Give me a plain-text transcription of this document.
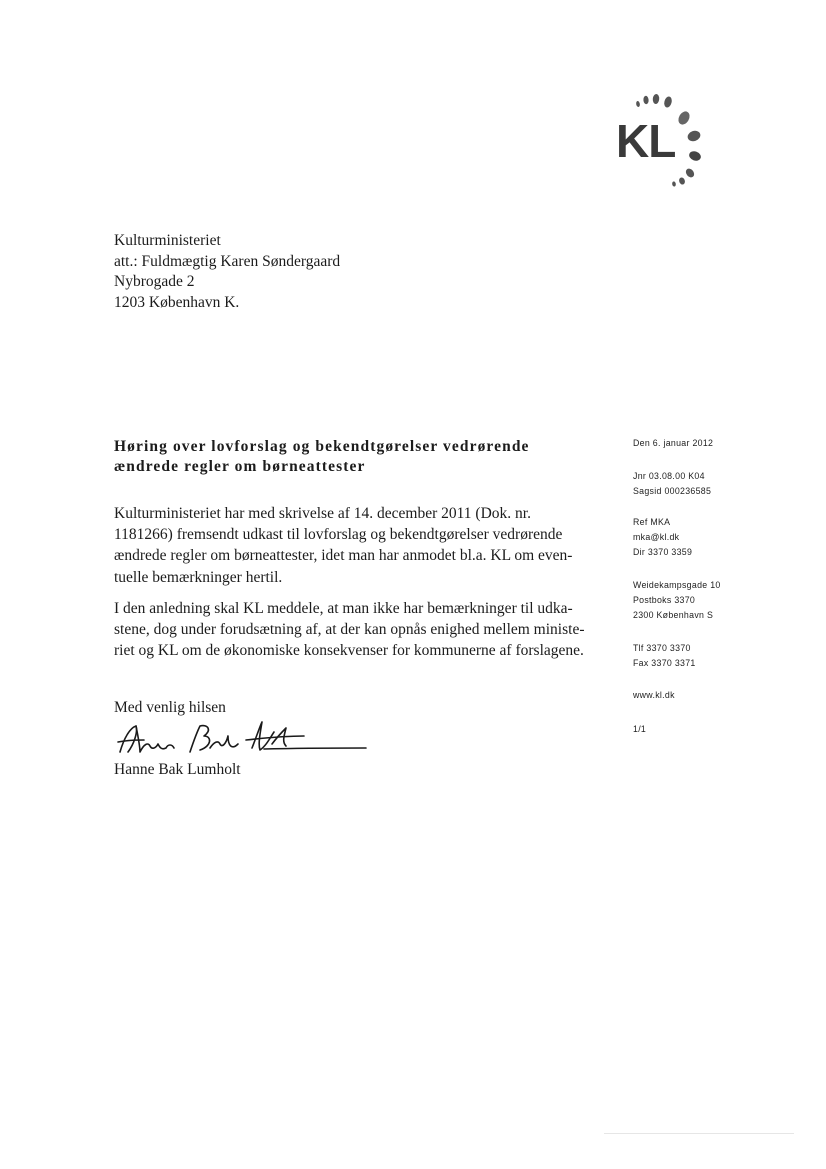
KL
Kulturministeriet
att.: Fuldmægtig Karen Søndergaard
Nybrogade 2
1203 København K.
Høring over lovforslag og bekendtgørelser vedrørende
ændrede regler om børneattester
Kulturministeriet har med skrivelse af 14. december 2011 (Dok. nr.
1181266) fremsendt udkast til lovforslag og bekendtgørelser vedrørende
ændrede regler om børneattester, idet man har anmodet bl.a. KL om even-
tuelle bemærkninger hertil.
I den anledning skal KL meddele, at man ikke har bemærkninger til udka-
stene, dog under forudsætning af, at der kan opnås enighed mellem ministe-
riet og KL om de økonomiske konsekvenser for kommunerne af forslagene.
Med venlig hilsen
Hanne Bak Lumholt
Den 6. januar 2012
Jnr 03.08.00 K04
Sagsid 000236585
Ref MKA
mka@kl.dk
Dir 3370 3359
Weidekampsgade 10
Postboks 3370
2300 København S
Tlf 3370 3370
Fax 3370 3371
www.kl.dk
1/1
